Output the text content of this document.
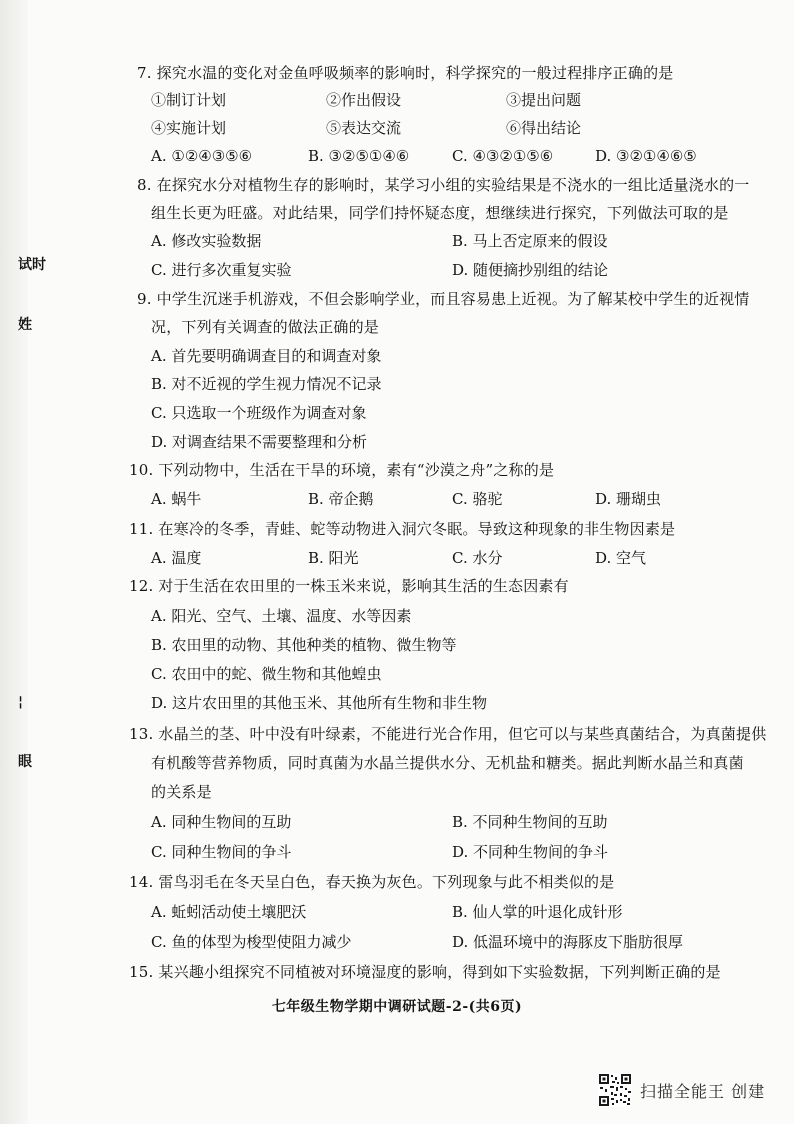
试时
姓
¦
眼
7. 探究水温的变化对金鱼呼吸频率的影响时，科学探究的一般过程排序正确的是
①制订计划	②作出假设	③提出问题
④实施计划	⑤表达交流	⑥得出结论
A. ①②④③⑤⑥	B. ③②⑤①④⑥	C. ④③②①⑤⑥	D. ③②①④⑥⑤
8. 在探究水分对植物生存的影响时，某学习小组的实验结果是不浇水的一组比适量浇水的一
组生长更为旺盛。对此结果，同学们持怀疑态度，想继续进行探究，下列做法可取的是
A. 修改实验数据	B. 马上否定原来的假设
C. 进行多次重复实验	D. 随便摘抄别组的结论
9. 中学生沉迷手机游戏，不但会影响学业，而且容易患上近视。为了解某校中学生的近视情
况，下列有关调查的做法正确的是
A. 首先要明确调查目的和调查对象
B. 对不近视的学生视力情况不记录
C. 只选取一个班级作为调查对象
D. 对调查结果不需要整理和分析
10. 下列动物中，生活在干旱的环境，素有“沙漠之舟”之称的是
A. 蜗牛	B. 帝企鹅	C. 骆驼	D. 珊瑚虫
11. 在寒冷的冬季，青蛙、蛇等动物进入洞穴冬眠。导致这种现象的非生物因素是
A. 温度	B. 阳光	C. 水分	D. 空气
12. 对于生活在农田里的一株玉米来说，影响其生活的生态因素有
A. 阳光、空气、土壤、温度、水等因素
B. 农田里的动物、其他种类的植物、微生物等
C. 农田中的蛇、微生物和其他蝗虫
D. 这片农田里的其他玉米、其他所有生物和非生物
13. 水晶兰的茎、叶中没有叶绿素，不能进行光合作用，但它可以与某些真菌结合，为真菌提供
有机酸等营养物质，同时真菌为水晶兰提供水分、无机盐和糖类。据此判断水晶兰和真菌
的关系是
A. 同种生物间的互助	B. 不同种生物间的互助
C. 同种生物间的争斗	D. 不同种生物间的争斗
14. 雷鸟羽毛在冬天呈白色，春天换为灰色。下列现象与此不相类似的是
A. 蚯蚓活动使土壤肥沃	B. 仙人掌的叶退化成针形
C. 鱼的体型为梭型使阻力减少	D. 低温环境中的海豚皮下脂肪很厚
15. 某兴趣小组探究不同植被对环境湿度的影响，得到如下实验数据，下列判断正确的是
七年级生物学期中调研试题-2-(共6页)
扫描全能王 创建
